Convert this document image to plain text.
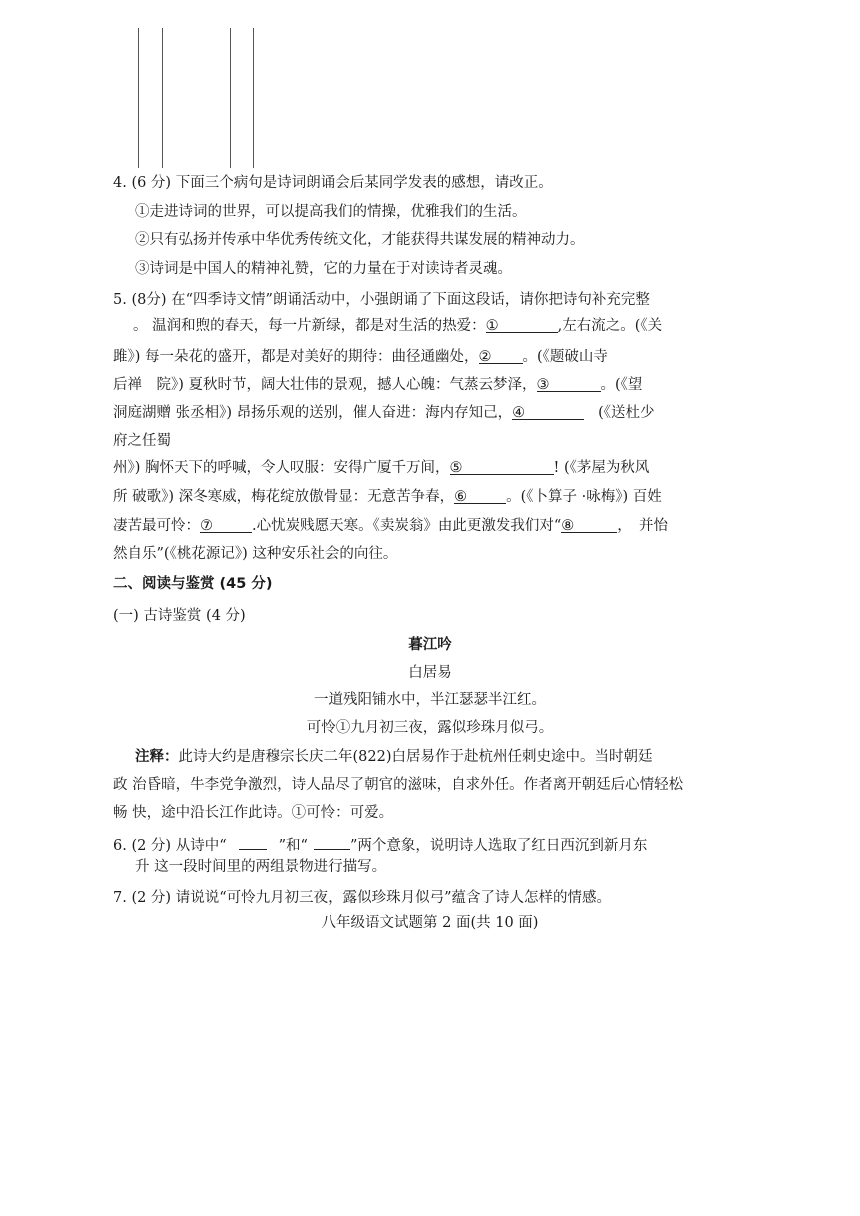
4. (6 分) 下面三个病句是诗词朗诵会后某同学发表的感想，请改正。
①走进诗词的世界，可以提高我们的情操，优雅我们的生活。
②只有弘扬并传承中华优秀传统文化，才能获得共谋发展的精神动力。
③诗词是中国人的精神礼赞，它的力量在于对读诗者灵魂。
5. (8分) 在“四季诗文情”朗诵活动中，小强朗诵了下面这段话，请你把诗句补充完整
。 温润和煦的春天，每一片新绿，都是对生活的热爱：①	,左右流之。(《关
雎》) 每一朵花的盛开，都是对美好的期待：曲径通幽处，② 。(《题破山寺
后禅　院》) 夏秋时节，阔大壮伟的景观，撼人心魄：气蒸云梦泽，③	。(《望
洞庭湖赠 张丞相》) 昂扬乐观的送别，催人奋进：海内存知己，④	(《送杜少
府之任蜀
州》) 胸怀天下的呼喊，令人叹服：安得广厦千万间，⑤	! (《茅屋为秋风
所 破歌》) 深冬寒威，梅花绽放傲骨显：无意苦争春，⑥	。(《卜算子 ·咏梅》) 百姓
凄苦最可怜：⑦	.心忧炭贱愿天寒。《卖炭翁》由此更激发我们对“⑧	，　并怡
然自乐”(《桃花源记》) 这种安乐社会的向往。
二、阅读与鉴赏 (45 分)
(一) 古诗鉴赏 (4 分)
暮江吟
白居易
一道残阳铺水中，半江瑟瑟半江红。
可怜①九月初三夜，露似珍珠月似弓。
注释：此诗大约是唐穆宗长庆二年(822)白居易作于赴杭州任刺史途中。当时朝廷
政 治昏暗，牛李党争激烈，诗人品尽了朝官的滋味，自求外任。作者离开朝廷后心情轻松
畅 快，途中沿长江作此诗。①可怜：可爱。
6. (2 分) 从诗中“	”和“	”两个意象，说明诗人选取了红日西沉到新月东
升 这一段时间里的两组景物进行描写。
7. (2 分) 请说说“可怜九月初三夜，露似珍珠月似弓”蕴含了诗人怎样的情感。
八年级语文试题第 2 面(共 10 面)
